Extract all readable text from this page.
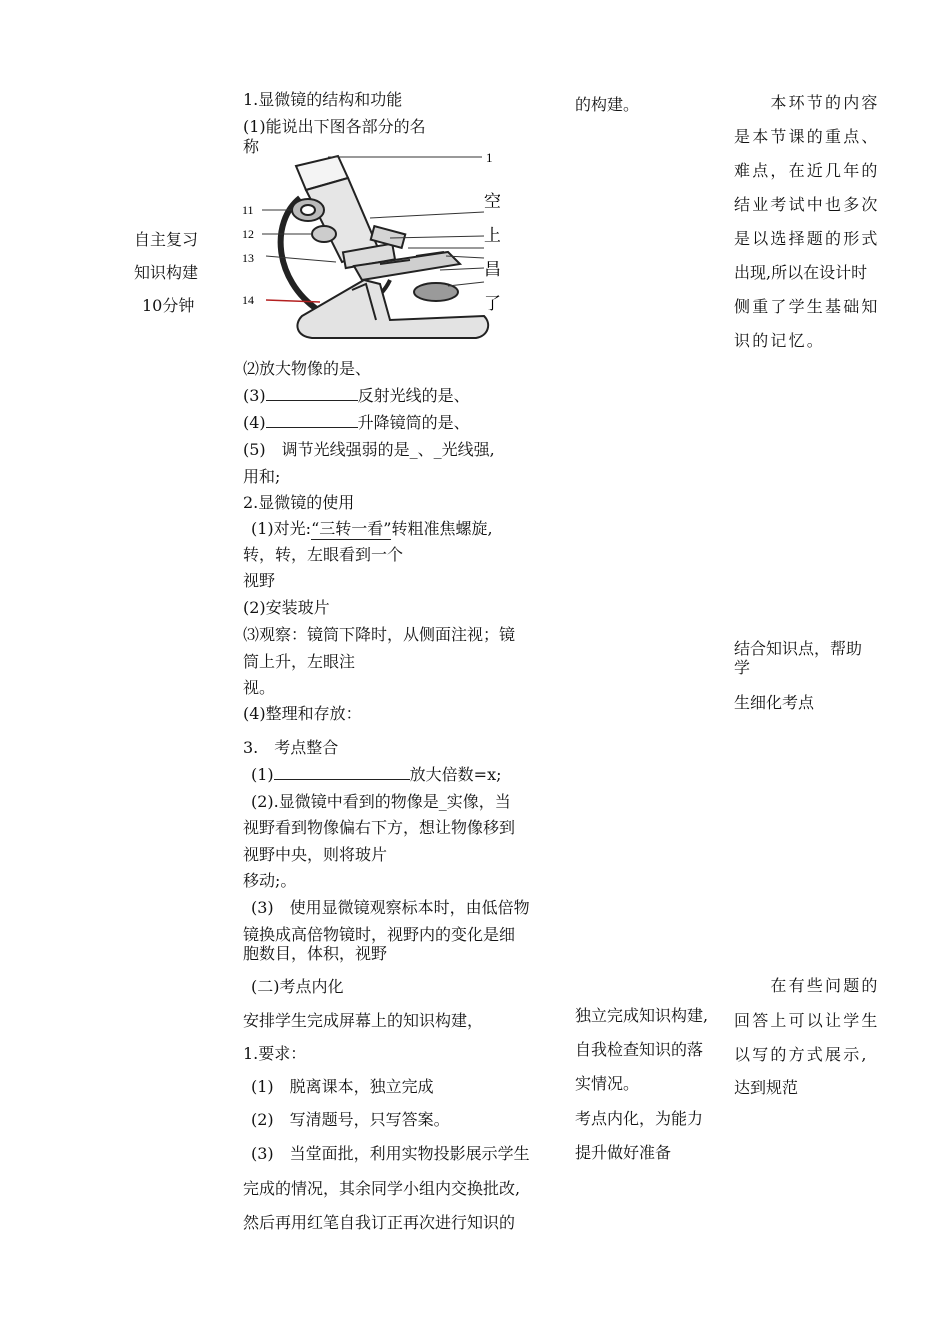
自主复习
知识构建
10分钟
1.显微镜的结构和功能
(1)能说出下图各部分的名
称
1
11
12
13
14	空　上　昌　了
⑵放大物像的是、
(3)	反射光线的是、
(4)	升降镜筒的是、
(5)　调节光线强弱的是_、_光线强,
用和;
2.显微镜的使用
(1)对光:“三转一看”转粗准焦螺旋,
转，转，左眼看到一个
视野
(2)安装玻片
⑶观察：镜筒下降时，从侧面注视；镜
筒上升，左眼注
视。
(4)整理和存放：
3.　考点整合
(1)	放大倍数=x;
(2).显微镜中看到的物像是_实像，当
视野看到物像偏右下方，想让物像移到
视野中央，则将玻片
移动;。
(3)　使用显微镜观察标本时，由低倍物
镜换成高倍物镜时，视野内的变化是细
胞数目，体积，视野
(二)考点内化
安排学生完成屏幕上的知识构建，
1.要求：
(1)　脱离课本，独立完成
(2)　写清题号，只写答案。
(3)　当堂面批，利用实物投影展示学生
完成的情况，其余同学小组内交换批改,
然后再用红笔自我订正再次进行知识的
的构建。
独立完成知识构建,
自我检查知识的落
实情况。
考点内化，为能力
提升做好准备
　　本环节的内容
是本节课的重点、
难点，在近几年的
结业考试中也多次
是以选择题的形式
出现,所以在设计时
侧重了学生基础知
识的记忆。
结合知识点，帮助
学
生细化考点
　　在有些问题的
回答上可以让学生
以写的方式展示,
达到规范
